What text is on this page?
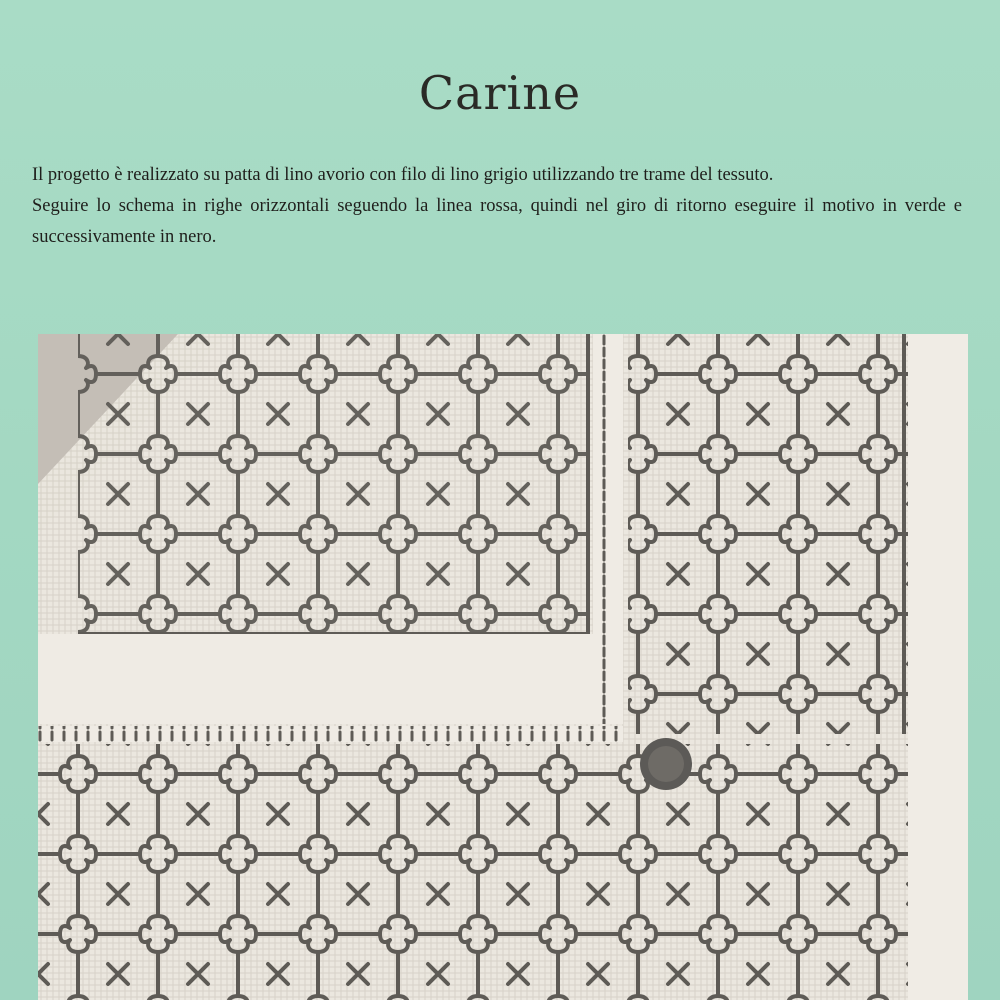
Carine

Il progetto è realizzato su patta di lino avorio con filo di lino grigio utilizzando tre trame del tessuto.

Seguire lo schema in righe orizzontali seguendo la linea rossa, quindi nel giro di ritorno eseguire il motivo in verde e successivamente in nero.
